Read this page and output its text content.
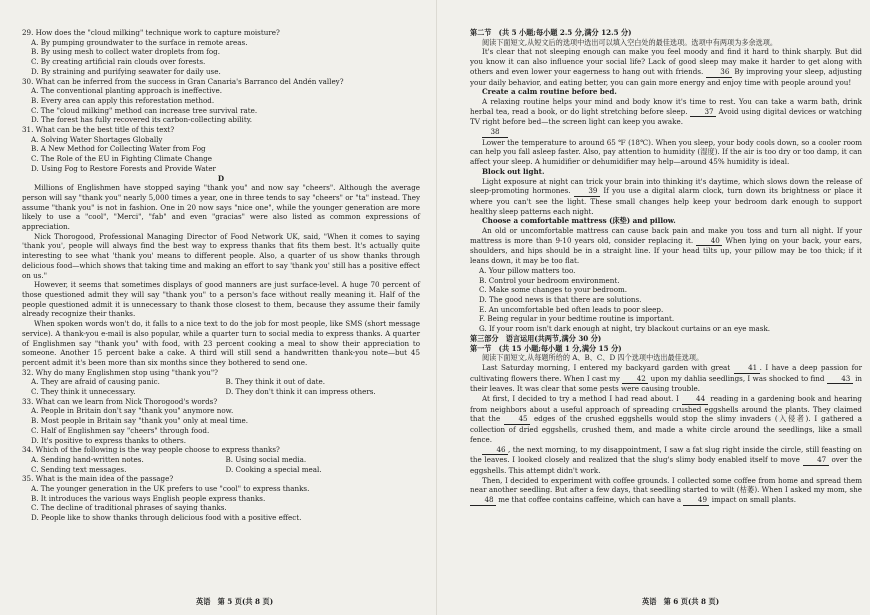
29. How does the "cloud milking" technique work to capture moisture?

A. By pumping groundwater to the surface in remote areas.

B. By using mesh to collect water droplets from fog.

C. By creating artificial rain clouds over forests.

D. By straining and purifying seawater for daily use.

30. What can be inferred from the success in Gran Canaria's Barranco del Andén valley?

A. The conventional planting approach is ineffective.

B. Every area can apply this reforestation method.

C. The "cloud milking" method can increase tree survival rate.

D. The forest has fully recovered its carbon-collecting ability.

31. What can be the best title of this text?

A. Solving Water Shortages Globally

B. A New Method for Collecting Water from Fog

C. The Role of the EU in Fighting Climate Change

D. Using Fog to Restore Forests and Provide Water

D

Millions of Englishmen have stopped saying "thank you" and now say "cheers". Although the average person will say "thank you" nearly 5,000 times a year, one in three tends to say "cheers" or "ta" instead. They assume "thank you" is not in fashion. One in 20 now says "nice one", while the younger generation are more likely to use a "cool", "Merci", "fab" and even "gracias" were also listed as common expressions of appreciation.

Nick Thorogood, Professional Managing Director of Food Network UK, said, "When it comes to saying 'thank you', people will always find the best way to express thanks that fits them best. It's actually quite interesting to see what 'thank you' means to different people. Also, a quarter of us show thanks through delicious food—which shows that taking time and making an effort to say 'thank you' still has a positive effect on us."

However, it seems that sometimes displays of good manners are just surface-level. A huge 70 percent of those questioned admit they will say "thank you" to a person's face without really meaning it. Half of the people questioned admit it is unnecessary to thank those closest to them, because they assume their family already recognize their thanks.

When spoken words won't do, it falls to a nice text to do the job for most people, like SMS (short message service). A thank-you e-mail is also popular, while a quarter turn to social media to express thanks. A quarter of Englishmen say "thank you" with food, with 23 percent cooking a meal to show their appreciation to someone. Another 15 percent bake a cake. A third will still send a handwritten thank-you note—but 45 percent admit it's been more than six months since they bothered to send one.

32. Why do many Englishmen stop using "thank you"?

A. They are afraid of causing panic.	B. They think it out of date.
C. They think it unnecessary.	D. They don't think it can impress others.

33. What can we learn from Nick Thorogood's words?

A. People in Britain don't say "thank you" anymore now.

B. Most people in Britain say "thank you" only at meal time.

C. Half of Englishmen say "cheers" through food.

D. It's positive to express thanks to others.

34. Which of the following is the way people choose to express thanks?

A. Sending hand-written notes.	B. Using social media.
C. Sending text messages.	D. Cooking a special meal.

35. What is the main idea of the passage?

A. The younger generation in the UK prefers to use "cool" to express thanks.

B. It introduces the various ways English people express thanks.

C. The decline of traditional phrases of saying thanks.

D. People like to show thanks through delicious food with a positive effect.

英语　第 5 页(共 8 页)

第二节　(共 5 小题;每小题 2.5 分,满分 12.5 分)

阅读下面短文,从短文后的选项中选出可以填入空白处的最佳选项。选项中有两项为多余选项。

It's clear that not sleeping enough can make you feel moody and find it hard to think sharply. But did you know it can also influence your social life? Lack of good sleep may make it harder to get along with others and even lower your eagerness to hang out with friends. 36 By improving your sleep, adjusting your daily behavior, and eating better, you can gain more energy and enjoy time with people around you!

Create a calm routine before bed.

A relaxing routine helps your mind and body know it's time to rest. You can take a warm bath, drink herbal tea, read a book, or do light stretching before sleep. 37 Avoid using digital devices or watching TV right before bed—the screen light can keep you awake.

38

Lower the temperature to around 65 ℉ (18℃). When you sleep, your body cools down, so a cooler room can help you fall asleep faster. Also, pay attention to humidity (湿度). If the air is too dry or too damp, it can affect your sleep. A humidifier or dehumidifier may help—around 45% humidity is ideal.

Block out light.

Light exposure at night can trick your brain into thinking it's daytime, which slows down the release of sleep-promoting hormones. 39 If you use a digital alarm clock, turn down its brightness or place it where you can't see the light. These small changes help keep your bedroom dark enough to support healthy sleep patterns each night.

Choose a comfortable mattress (床垫) and pillow.

An old or uncomfortable mattress can cause back pain and make you toss and turn all night. If your mattress is more than 9-10 years old, consider replacing it. 40 When lying on your back, your ears, shoulders, and hips should be in a straight line. If your head tilts up, your pillow may be too thick; if it leans down, it may be too flat.

A. Your pillow matters too.

B. Control your bedroom environment.

C. Make some changes to your bedroom.

D. The good news is that there are solutions.

E. An uncomfortable bed often leads to poor sleep.

F. Being regular in your bedtime routine is important.

G. If your room isn't dark enough at night, try blackout curtains or an eye mask.

第三部分　语言运用(共两节,满分 30 分)

第一节　(共 15 小题;每小题 1 分,满分 15 分)

阅读下面短文,从每题所给的 A、B、C、D 四个选项中选出最佳选项。

Last Saturday morning, I entered my backyard garden with great	41 . I have a deep passion for cultivating flowers there. When I cast my 42 upon my dahlia seedlings, I was shocked to find 43 in their leaves. It was clear that some pests were causing trouble.

At first, I decided to try a method I had read about. I 44 reading in a gardening book and hearing from neighbors about a useful approach of spreading crushed eggshells around the plants. They claimed that the	45 edges of the crushed eggshells would stop the slimy invaders (入侵者). I gathered a collection of dried eggshells, crushed them, and made a white circle around the seedlings, like a small fence.

46 , the next morning, to my disappointment, I saw a fat slug right inside the circle, still feasting on the leaves. I looked closely and realized that the slug's slimy body enabled itself to move 47 over the eggshells. This attempt didn't work.

Then, I decided to experiment with coffee grounds. I collected some coffee from home and spread them near another seedling. But after a few days, that seedling started to wilt (枯萎). When I asked my mom, she 48 me that coffee contains caffeine, which can have a 49 impact on small plants.

英语　第 6 页(共 8 页)
